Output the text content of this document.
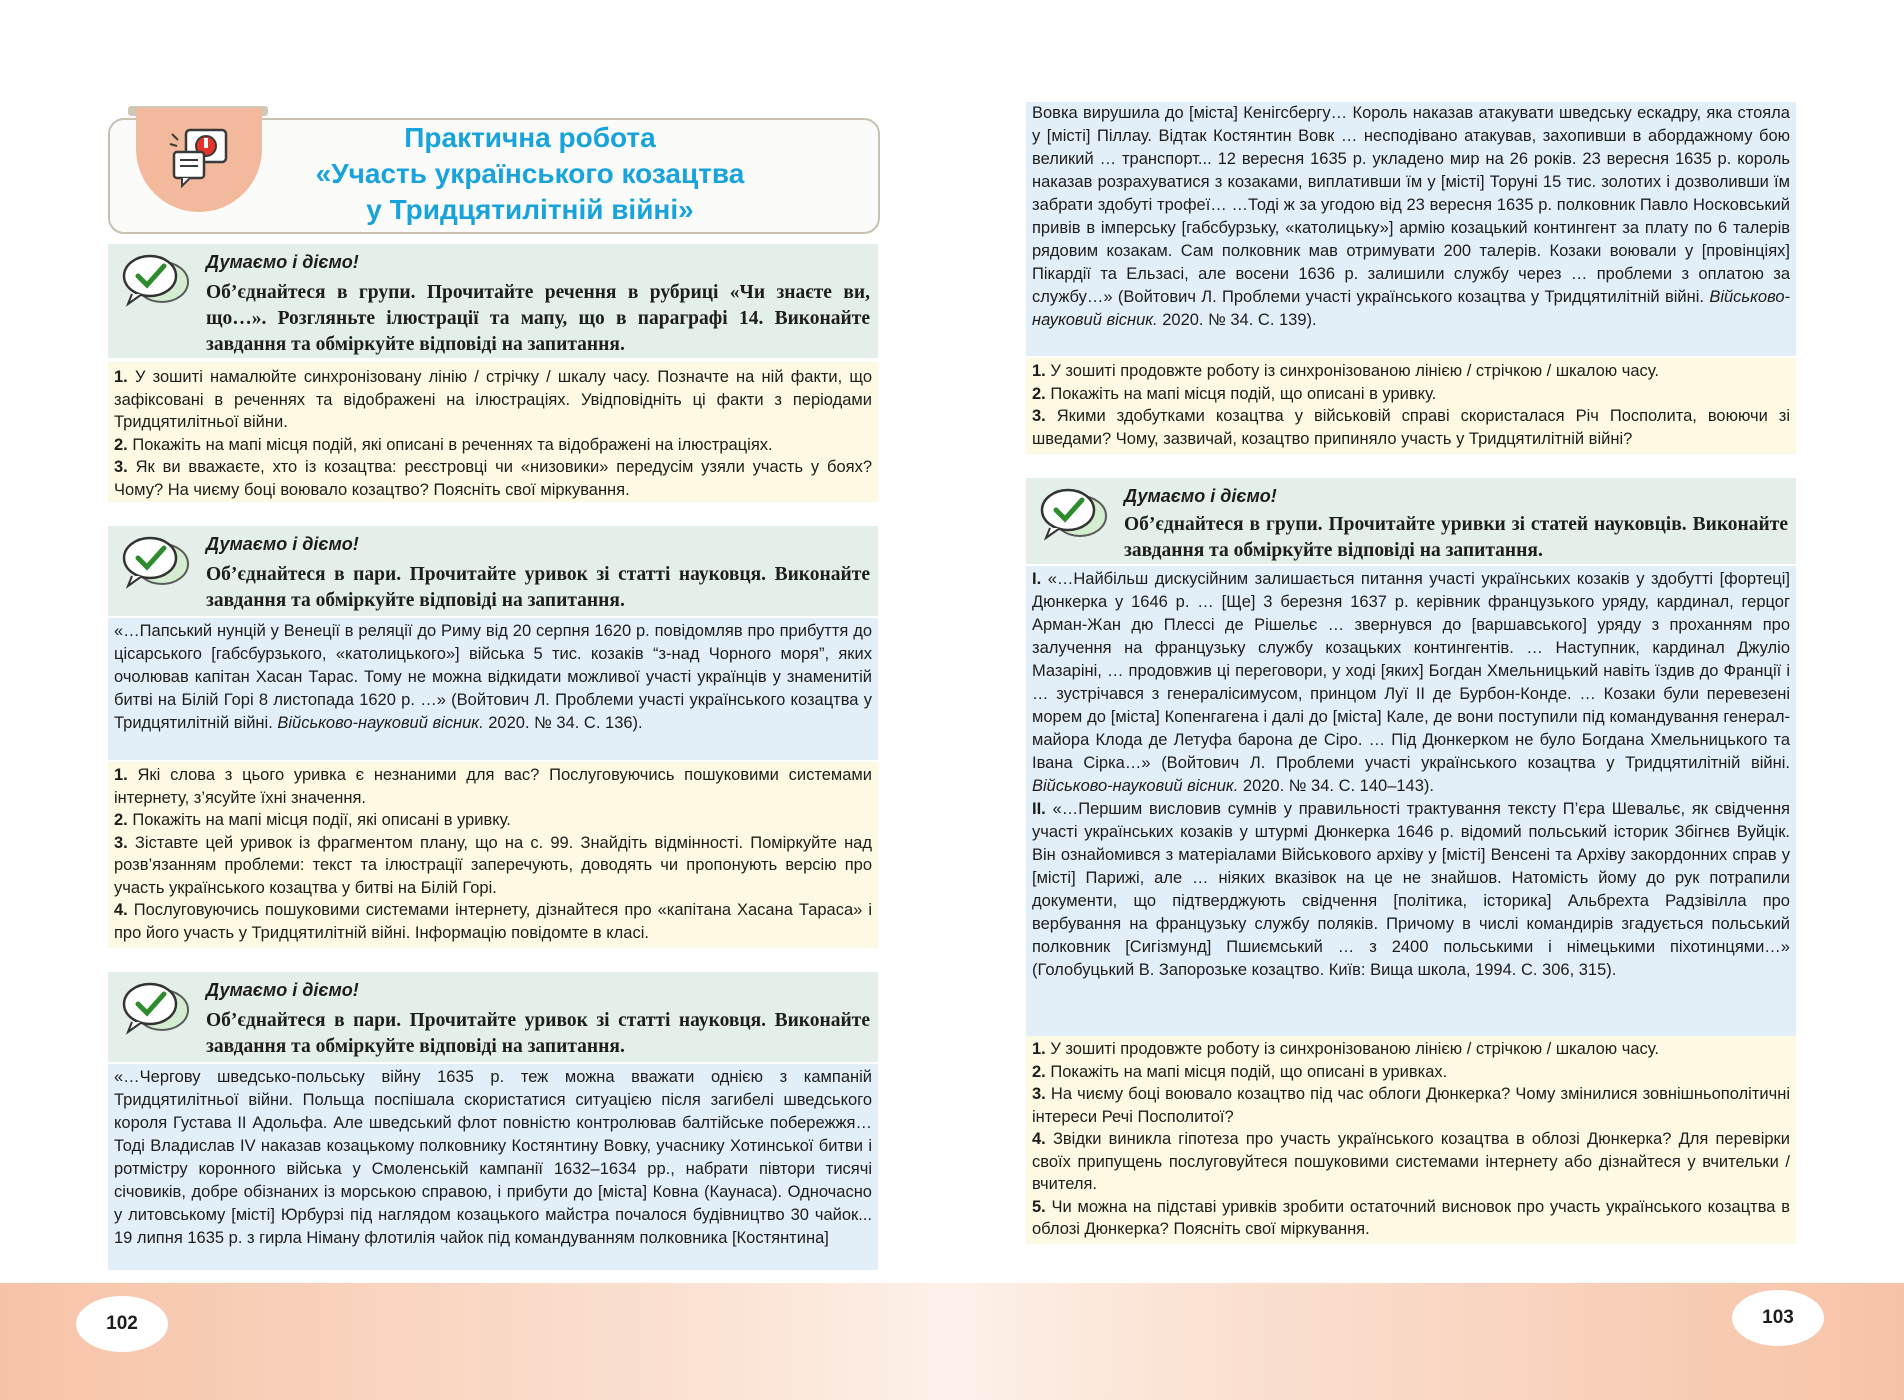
Практична робота
«Участь українського козацтва
у Тридцятилітній війні»
Думаємо і діємо!
Об’єднайтеся в групи. Прочитайте речення в рубриці «Чи знаєте ви, що…». Розгляньте ілюстрації та мапу, що в параграфі 14. Виконайте завдання та обміркуйте відповіді на запитання.

1. У зошиті намалюйте синхронізовану лінію / стрічку / шкалу часу. Позначте на ній факти, що зафіксовані в реченнях та відображені на ілюстраціях. Увідповідніть ці факти з періодами Тридцятилітньої війни.

2. Покажіть на мапі місця подій, які описані в реченнях та відображені на ілюстраціях.

3. Як ви вважаєте, хто із козацтва: реєстровці чи «низовики» передусім узяли участь у боях? Чому? На чиєму боці воювало козацтво? Поясніть свої міркування.

Думаємо і діємо!
Об’єднайтеся в пари. Прочитайте уривок зі статті науковця. Виконайте завдання та обміркуйте відповіді на запитання.
«…Папський нунцій у Венеції в реляції до Риму від 20 серпня 1620 р. повідомляв про прибуття до цісарського [габсбурзького, «католицького»] війська 5 тис. козаків “з-над Чорного моря”, яких очолював капітан Хасан Тарас. Тому не можна відкидати можливої участі українців у знаменитій битві на Білій Горі 8 листопада 1620 р. …» (Войтович Л. Проблеми участі українського козацтва у Тридцятилітній війні. Військово-науковий вісник. 2020. № 34. С. 136).

1. Які слова з цього уривка є незнаними для вас? Послуговуючись пошуковими системами інтернету, з’ясуйте їхні значення.

2. Покажіть на мапі місця події, які описані в уривку.

3. Зіставте цей уривок із фрагментом плану, що на с. 99. Знайдіть відмінності. Поміркуйте над розв’язанням проблеми: текст та ілюстрації заперечують, доводять чи пропонують версію про участь українського козацтва у битві на Білій Горі.

4. Послуговуючись пошуковими системами інтернету, дізнайтеся про «капітана Хасана Тараса» і про його участь у Тридцятилітній війні. Інформацію повідомте в класі.

Думаємо і діємо!
Об’єднайтеся в пари. Прочитайте уривок зі статті науковця. Виконайте завдання та обміркуйте відповіді на запитання.
«…Чергову шведсько-польську війну 1635 р. теж можна вважати однією з кампаній Тридцятилітньої війни. Польща поспішала скористатися ситуацією після загибелі шведського короля Густава ІІ Адольфа. Але шведський флот повністю контролював балтійське побережжя… Тоді Владислав IV наказав козацькому полковнику Костянтину Вовку, учаснику Хотинської битви і ротмістру коронного війська у Смоленській кампанії 1632–1634 рр., набрати півтори тисячі січовиків, добре обізнаних із морською справою, і прибути до [міста] Ковна (Каунаса). Одночасно у литовському [місті] Юрбурзі під наглядом козацького майстра почалося будівництво 30 чайок... 19 липня 1635 р. з гирла Німану флотилія чайок під командуванням полковника [Костянтина]
Вовка вирушила до [міста] Кенігсбергу… Король наказав атакувати шведську ескадру, яка стояла у [місті] Піллау. Відтак Костянтин Вовк … несподівано атакував, захопивши в абордажному бою великий … транспорт... 12 вересня 1635 р. укладено мир на 26 років. 23 вересня 1635 р. король наказав розрахуватися з козаками, виплативши їм у [місті] Торуні 15 тис. золотих і дозволивши їм забрати здобуті трофеї… …Тоді ж за угодою від 23 вересня 1635 р. полковник Павло Носковський привів в імперську [габсбурзьку, «католицьку»] армію козацький контингент за плату по 6 талерів рядовим козакам. Сам полковник мав отримувати 200 талерів. Козаки воювали у [провінціях] Пікардії та Ельзасі, але восени 1636 р. залишили службу через … проблеми з оплатою за службу…» (Войтович Л. Проблеми участі українського козацтва у Тридцятилітній війні. Військово-науковий вісник. 2020. № 34. С. 139).

1. У зошиті продовжте роботу із синхронізованою лінією / стрічкою / шкалою часу.

2. Покажіть на мапі місця подій, що описані в уривку.

3. Якими здобутками козацтва у військовій справі скористалася Річ Посполита, воюючи зі шведами? Чому, зазвичай, козацтво припиняло участь у Тридцятилітній війні?

Думаємо і діємо!
Об’єднайтеся в групи. Прочитайте уривки зі статей науковців. Виконайте завдання та обміркуйте відповіді на запитання.

І. «…Найбільш дискусійним залишається питання участі українських козаків у здобутті [фортеці] Дюнкерка у 1646 р. … [Ще] 3 березня 1637 р. керівник французького уряду, кардинал, герцог Арман-Жан дю Плессі де Рішельє … звернувся до [варшавського] уряду з проханням про залучення на французьку службу козацьких контингентів. … Наступник, кардинал Джуліо Мазаріні, … продовжив ці переговори, у ході [яких] Богдан Хмельницький навіть їздив до Франції і … зустрічався з генералісимусом, принцом Луї ІІ де Бурбон-Конде. … Козаки були перевезені морем до [міста] Копенгагена і далі до [міста] Кале, де вони поступили під командування генерал-майора Клода де Летуфа барона де Сіро. … Під Дюнкерком не було Богдана Хмельницького та Івана Сірка…» (Войтович Л. Проблеми участі українського козацтва у Тридцятилітній війні. Військово-науковий вісник. 2020. № 34. С. 140–143).

ІІ. «…Першим висловив сумнів у правильності трактування тексту П’єра Шевальє, як свідчення участі українських козаків у штурмі Дюнкерка 1646 р. відомий польський історик Збігнєв Вуйцік. Він ознайомився з матеріалами Військового архіву у [місті] Венсені та Архіву закордонних справ у [місті] Парижі, але … ніяких вказівок на це не знайшов. Натомість йому до рук потрапили документи, що підтверджують свідчення [політика, історика] Альбрехта Радзівілла про вербування на французьку службу поляків. Причому в числі командирів згадується польський полковник [Сигізмунд] Пшиємський … з 2400 польськими і німецькими піхотинцями…» (Голобуцький В. Запорозьке козацтво. Київ: Вища школа, 1994. С. 306, 315).

1. У зошиті продовжте роботу із синхронізованою лінією / стрічкою / шкалою часу.

2. Покажіть на мапі місця подій, що описані в уривках.

3. На чиєму боці воювало козацтво під час облоги Дюнкерка? Чому змінилися зовнішньополітичні інтереси Речі Посполитої?

4. Звідки виникла гіпотеза про участь українського козацтва в облозі Дюнкерка? Для перевірки своїх припущень послуговуйтеся пошуковими системами інтернету або дізнайтеся у вчительки / вчителя.

5. Чи можна на підставі уривків зробити остаточний висновок про участь українського козацтва в облозі Дюнкерка? Поясніть свої міркування.

102	103
